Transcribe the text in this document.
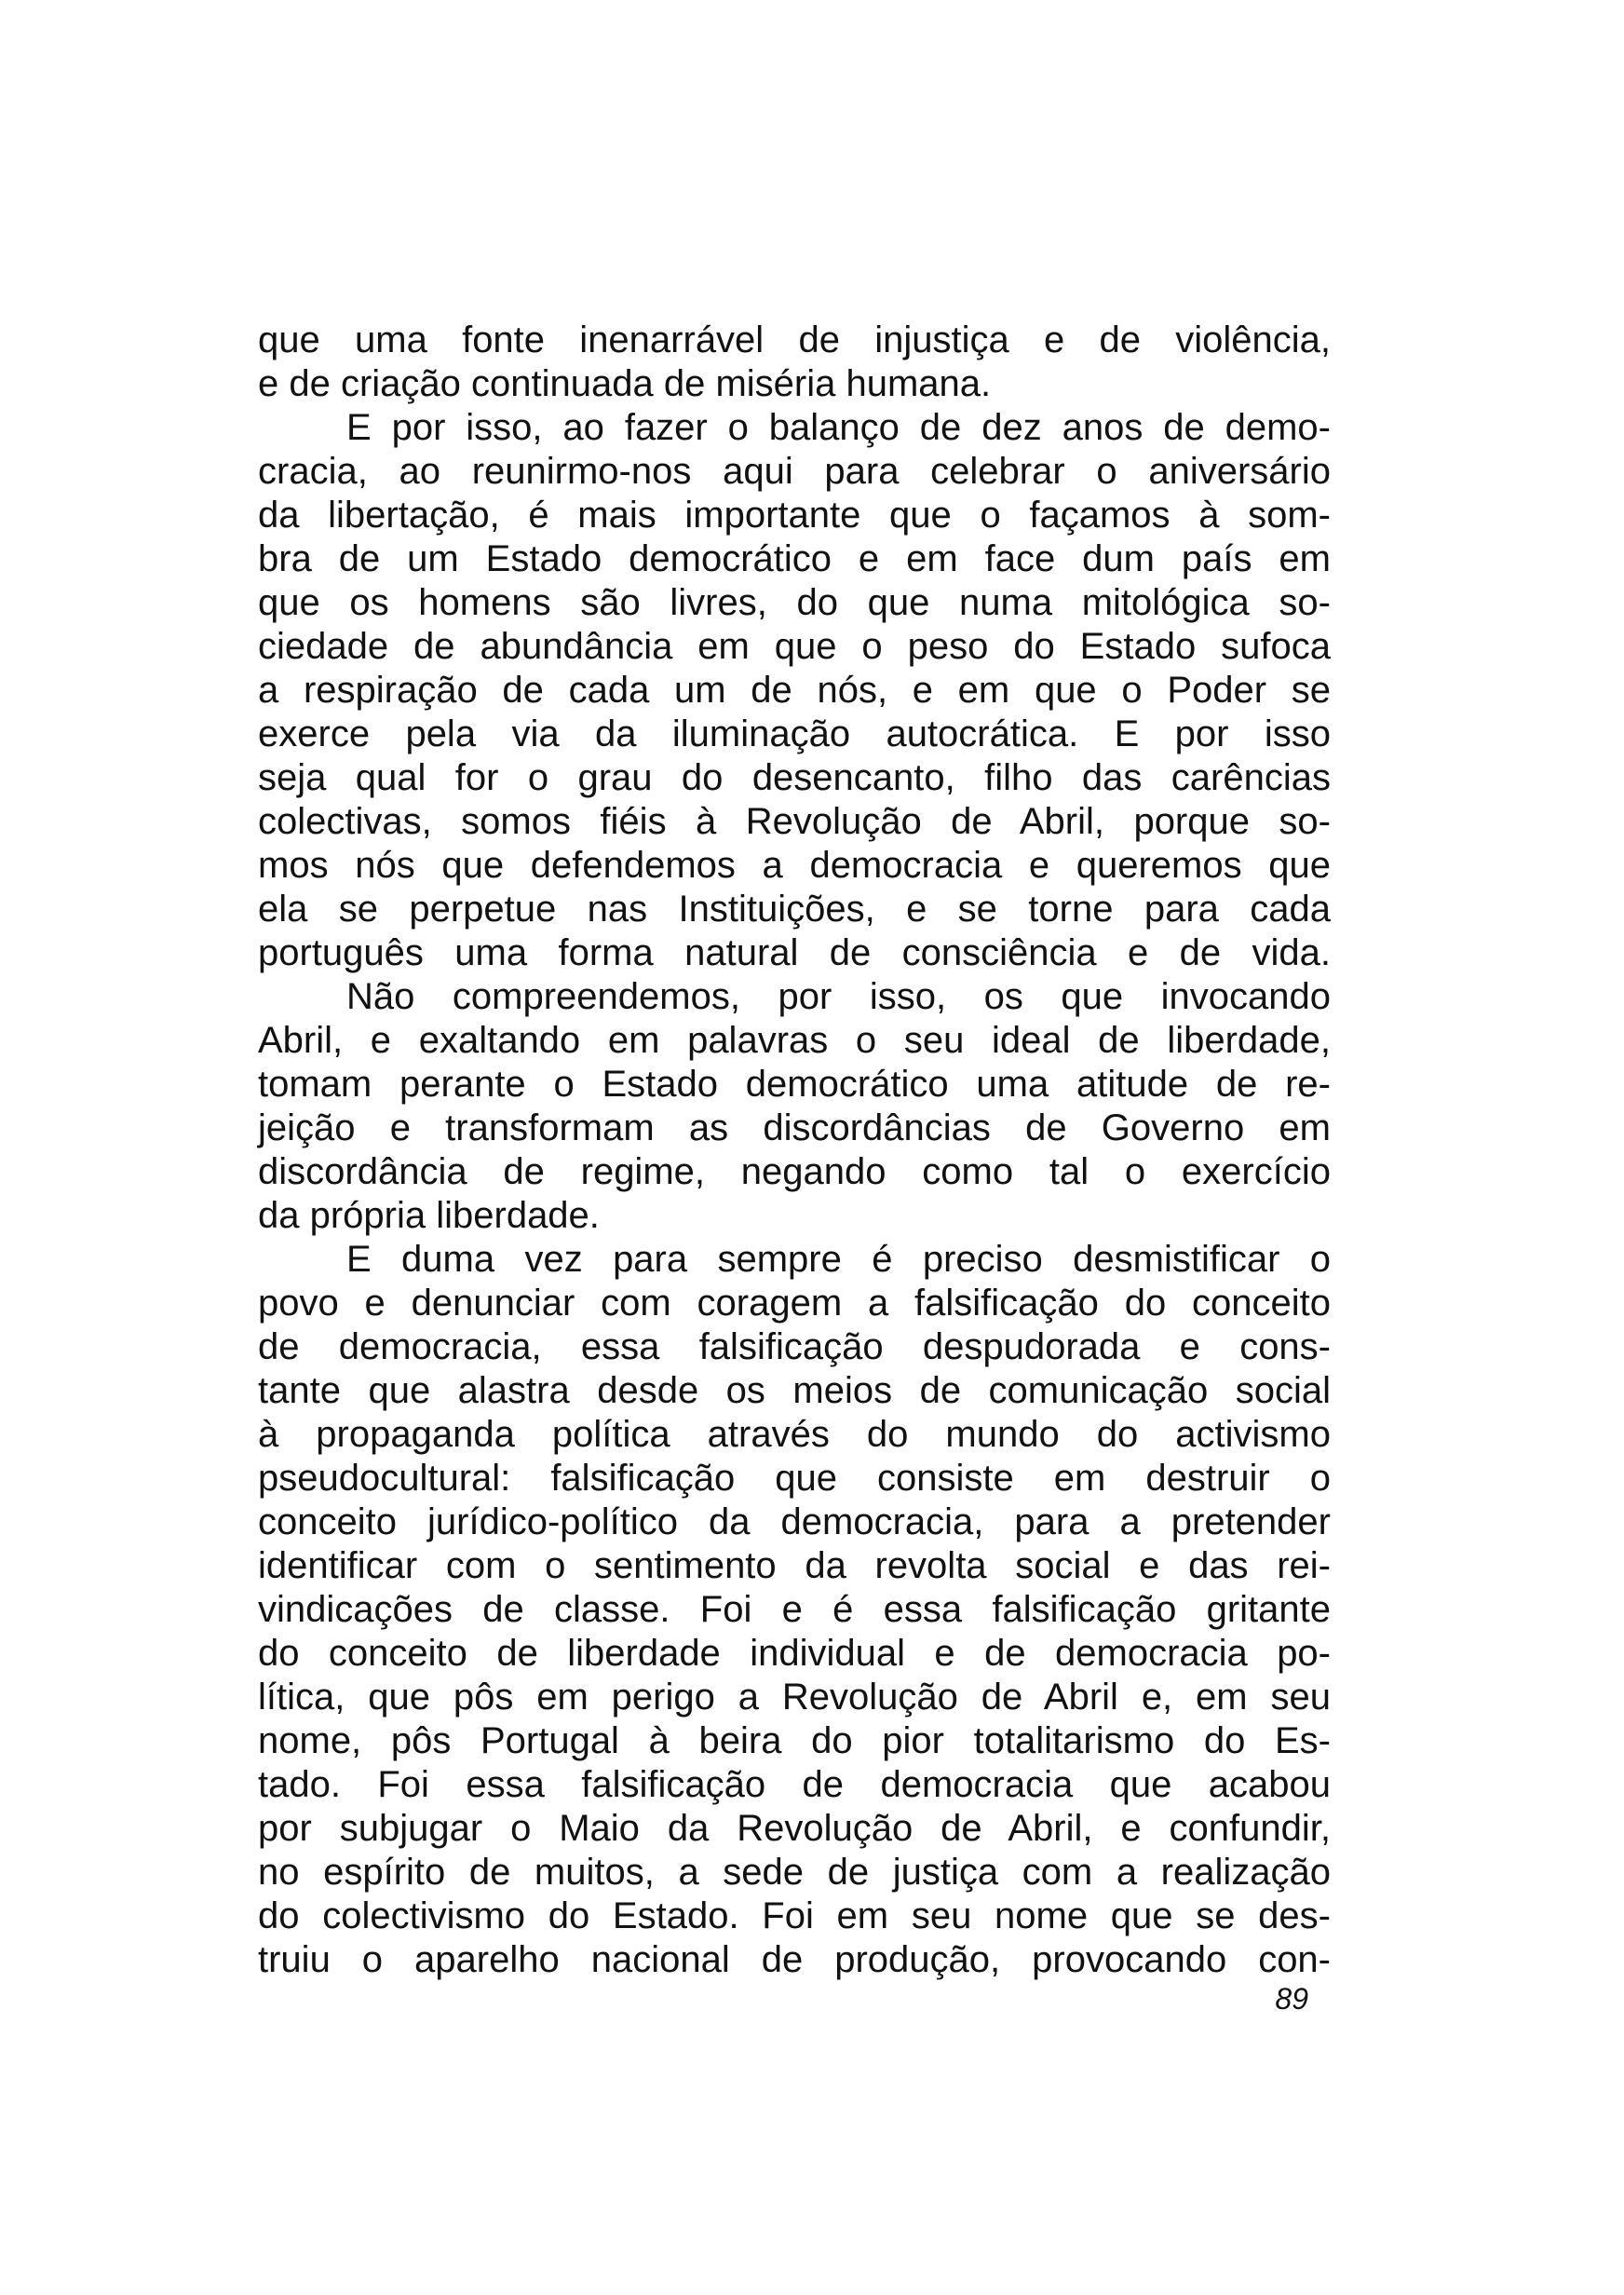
que uma fonte inenarrável de injustiça e de violência,
e de criação continuada de miséria humana.
E por isso, ao fazer o balanço de dez anos de demo-
cracia, ao reunirmo-nos aqui para celebrar o aniversário
da libertação, é mais importante que o façamos à som-
bra de um Estado democrático e em face dum país em
que os homens são livres, do que numa mitológica so-
ciedade de abundância em que o peso do Estado sufoca
a respiração de cada um de nós, e em que o Poder se
exerce pela via da iluminação autocrática. E por isso
seja qual for o grau do desencanto, filho das carências
colectivas, somos fiéis à Revolução de Abril, porque so-
mos nós que defendemos a democracia e queremos que
ela se perpetue nas Instituições, e se torne para cada
português uma forma natural de consciência e de vida.
Não compreendemos, por isso, os que invocando
Abril, e exaltando em palavras o seu ideal de liberdade,
tomam perante o Estado democrático uma atitude de re-
jeição e transformam as discordâncias de Governo em
discordância de regime, negando como tal o exercício
da própria liberdade.
E duma vez para sempre é preciso desmistificar o
povo e denunciar com coragem a falsificação do conceito
de democracia, essa falsificação despudorada e cons-
tante que alastra desde os meios de comunicação social
à propaganda política através do mundo do activismo
pseudocultural: falsificação que consiste em destruir o
conceito jurídico-político da democracia, para a pretender
identificar com o sentimento da revolta social e das rei-
vindicações de classe. Foi e é essa falsificação gritante
do conceito de liberdade individual e de democracia po-
lítica, que pôs em perigo a Revolução de Abril e, em seu
nome, pôs Portugal à beira do pior totalitarismo do Es-
tado. Foi essa falsificação de democracia que acabou
por subjugar o Maio da Revolução de Abril, e confundir,
no espírito de muitos, a sede de justiça com a realização
do colectivismo do Estado. Foi em seu nome que se des-
truiu o aparelho nacional de produção, provocando con-
89
